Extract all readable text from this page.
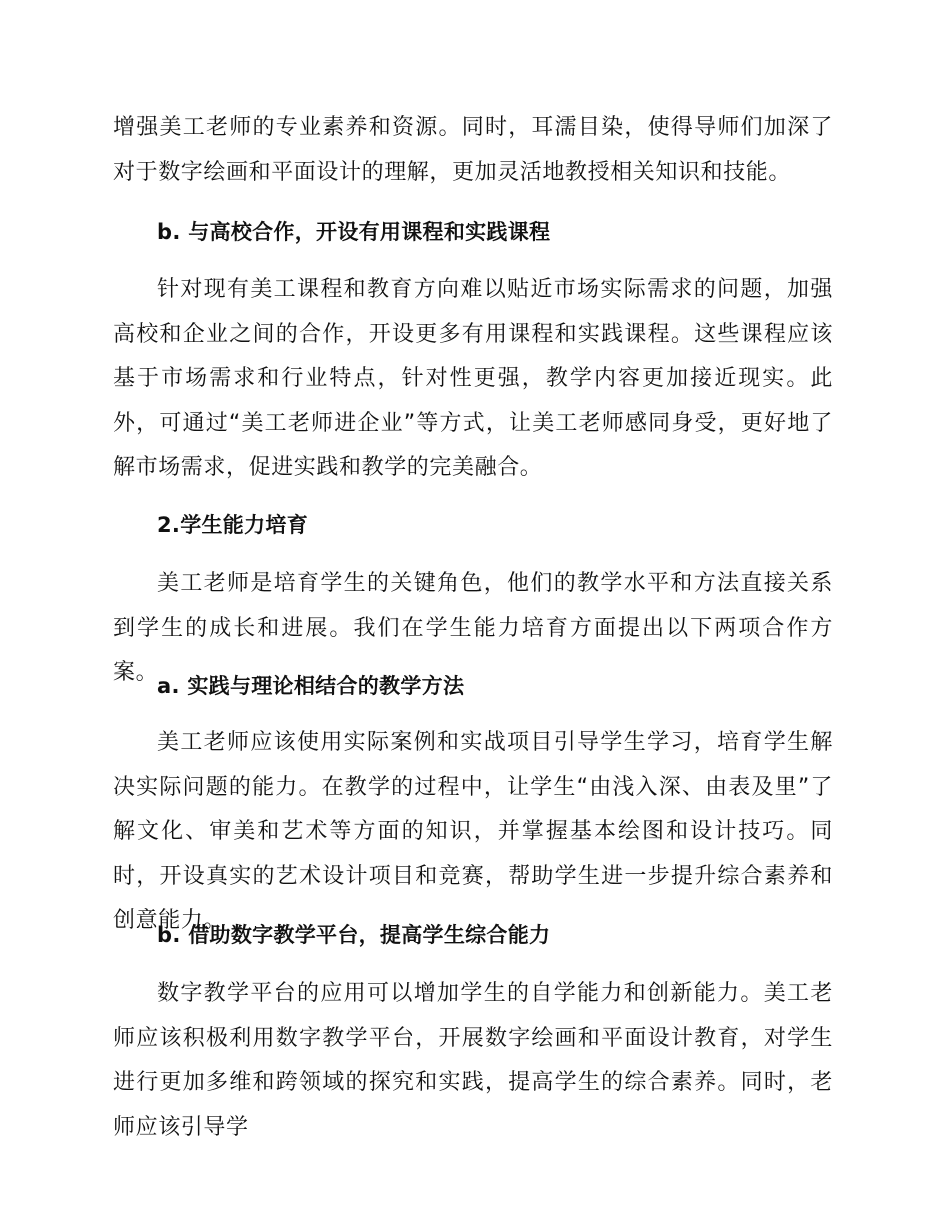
增强美工老师的专业素养和资源。同时，耳濡目染，使得导师们加深了对于数字绘画和平面设计的理解，更加灵活地教授相关知识和技能。

b. 与高校合作，开设有用课程和实践课程

针对现有美工课程和教育方向难以贴近市场实际需求的问题，加强高校和企业之间的合作，开设更多有用课程和实践课程。这些课程应该基于市场需求和行业特点，针对性更强，教学内容更加接近现实。此外，可通过“美工老师进企业”等方式，让美工老师感同身受，更好地了解市场需求，促进实践和教学的完美融合。

2.学生能力培育

美工老师是培育学生的关键角色，他们的教学水平和方法直接关系到学生的成长和进展。我们在学生能力培育方面提出以下两项合作方案。

a. 实践与理论相结合的教学方法

美工老师应该使用实际案例和实战项目引导学生学习，培育学生解决实际问题的能力。在教学的过程中，让学生“由浅入深、由表及里”了解文化、审美和艺术等方面的知识，并掌握基本绘图和设计技巧。同时，开设真实的艺术设计项目和竞赛，帮助学生进一步提升综合素养和创意能力。

b. 借助数字教学平台，提高学生综合能力

数字教学平台的应用可以增加学生的自学能力和创新能力。美工老师应该积极利用数字教学平台，开展数字绘画和平面设计教育，对学生进行更加多维和跨领域的探究和实践，提高学生的综合素养。同时，老师应该引导学
